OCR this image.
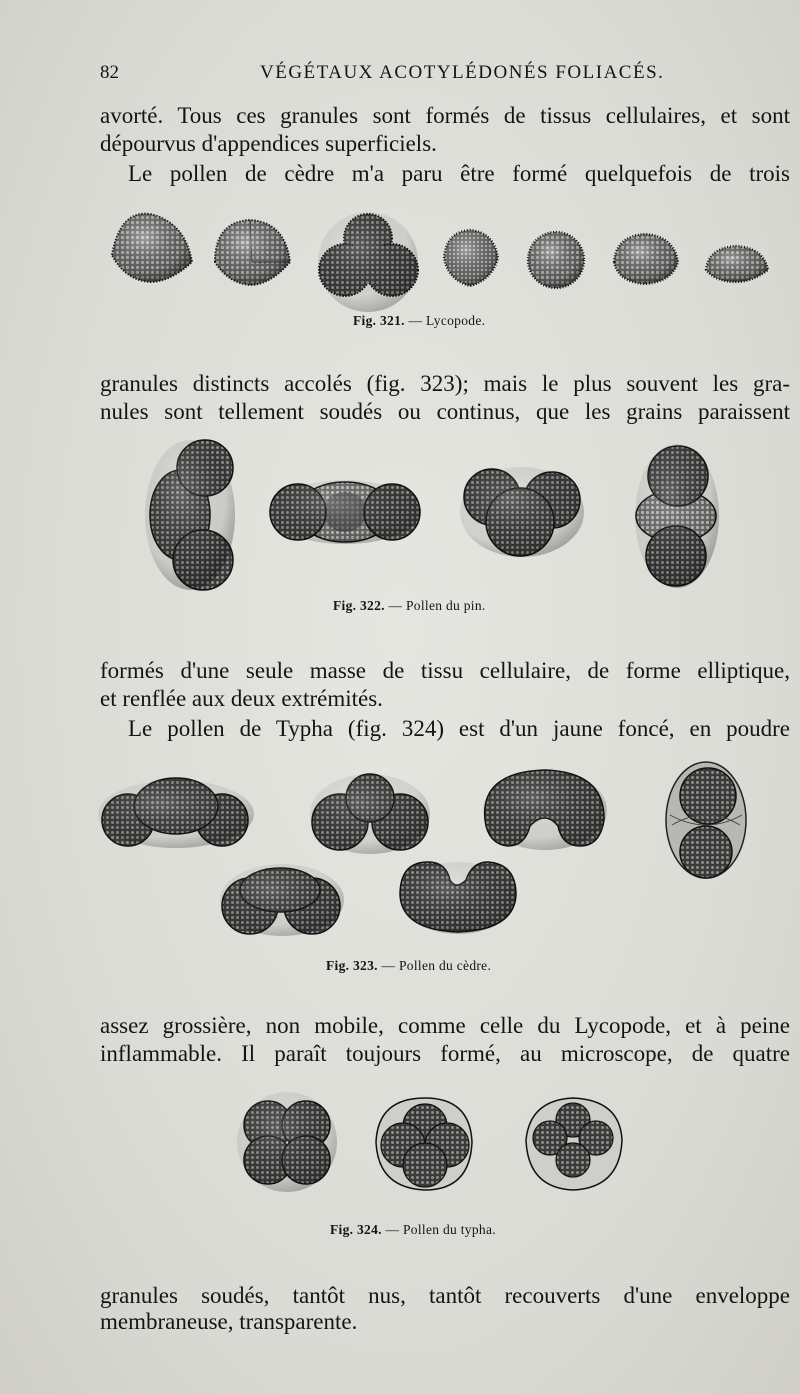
82	VÉGÉTAUX ACOTYLÉDONÉS FOLIACÉS.
avorté. Tous ces granules sont formés de tissus cellulaires, et sont
dépourvus d'appendices superficiels.
Le pollen de cèdre m'a paru être formé quelquefois de trois
Fig. 321. — Lycopode.
granules distincts accolés (fig. 323); mais le plus souvent les gra-
nules sont tellement soudés ou continus, que les grains paraissent
Fig. 322. — Pollen du pin.
formés d'une seule masse de tissu cellulaire, de forme elliptique,
et renflée aux deux extrémités.
Le pollen de Typha (fig. 324) est d'un jaune foncé, en poudre
Fig. 323. — Pollen du cèdre.
assez grossière, non mobile, comme celle du Lycopode, et à peine
inflammable. Il paraît toujours formé, au microscope, de quatre
Fig. 324. — Pollen du typha.
granules soudés, tantôt nus, tantôt recouverts d'une enveloppe
membraneuse, transparente.
